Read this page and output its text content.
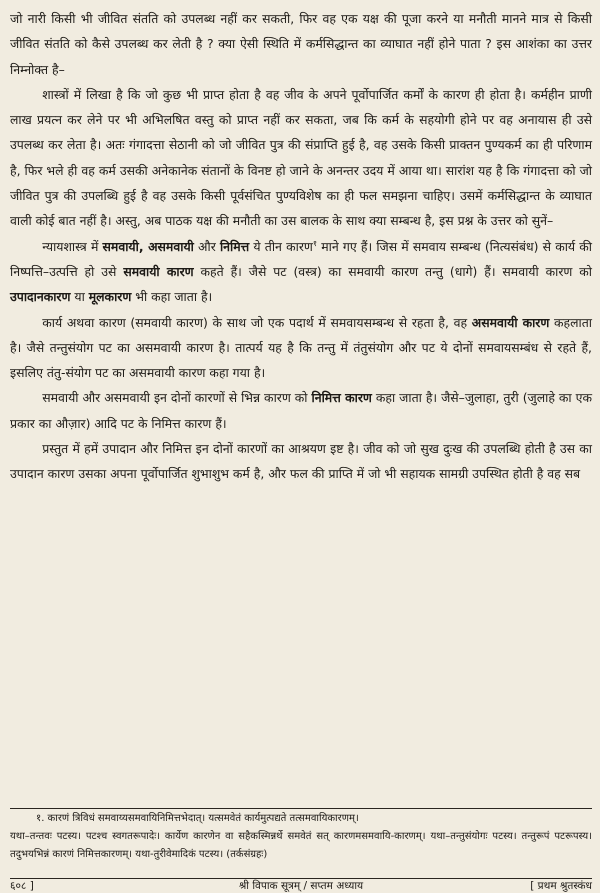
जो नारी किसी भी जीवित संतति को उपलब्ध नहीं कर सकती, फिर वह एक यक्ष की पूजा करने या मनौती मानने मात्र से किसी जीवित संतति को कैसे उपलब्ध कर लेती है ? क्या ऐसी स्थिति में कर्मसिद्धान्त का व्याघात नहीं होने पाता ? इस आशंका का उत्तर निम्नोक्त है–

शास्त्रों में लिखा है कि जो कुछ भी प्राप्त होता है वह जीव के अपने पूर्वोपार्जित कर्मों के कारण ही होता है। कर्महीन प्राणी लाख प्रयत्न कर लेने पर भी अभिलषित वस्तु को प्राप्त नहीं कर सकता, जब कि कर्म के सहयोगी होने पर वह अनायास ही उसे उपलब्ध कर लेता है। अतः गंगादत्ता सेठानी को जो जीवित पुत्र की संप्राप्ति हुई है, वह उसके किसी प्राक्तन पुण्यकर्म का ही परिणाम है, फिर भले ही वह कर्म उसकी अनेकानेक संतानों के विनष्ट हो जाने के अनन्तर उदय में आया था। सारांश यह है कि गंगादत्ता को जो जीवित पुत्र की उपलब्धि हुई है वह उसके किसी पूर्वसंचित पुण्यविशेष का ही फल समझना चाहिए। उसमें कर्मसिद्धान्त के व्याघात वाली कोई बात नहीं है। अस्तु, अब पाठक यक्ष की मनौती का उस बालक के साथ क्या सम्बन्ध है, इस प्रश्न के उत्तर को सुनें–

न्यायशास्त्र में समवायी, असमवायी और निमित्त ये तीन कारण$^१$ माने गए हैं। जिस में समवाय सम्बन्ध (नित्यसंबंध) से कार्य की निष्पत्ति–उत्पत्ति हो उसे समवायी कारण कहते हैं। जैसे पट (वस्त्र) का समवायी कारण तन्तु (धागे) हैं। समवायी कारण को उपादानकारण या मूलकारण भी कहा जाता है।

कार्य अथवा कारण (समवायी कारण) के साथ जो एक पदार्थ में समवायसम्बन्ध से रहता है, वह असमवायी कारण कहलाता है। जैसे तन्तुसंयोग पट का असमवायी कारण है। तात्पर्य यह है कि तन्तु में तंतुसंयोग और पट ये दोनों समवायसम्बंध से रहते हैं, इसलिए तंतु-संयोग पट का असमवायी कारण कहा गया है।

समवायी और असमवायी इन दोनों कारणों से भिन्न कारण को निमित्त कारण कहा जाता है। जैसे–जुलाहा, तुरी (जुलाहे का एक प्रकार का औज़ार) आदि पट के निमित्त कारण हैं।

प्रस्तुत में हमें उपादान और निमित्त इन दोनों कारणों का आश्रयण इष्ट है। जीव को जो सुख दुःख की उपलब्धि होती है उस का उपादान कारण उसका अपना पूर्वोपार्जित शुभाशुभ कर्म है, और फल की प्राप्ति में जो भी सहायक सामग्री उपस्थित होती है वह सब

१. कारणं त्रिविधं समवाय्यसमवायिनिमित्तभेदात्। यत्समवेतं कार्यमुत्पद्यते तत्समवायिकारणम्।

यथा–तन्तवः पटस्य। पटश्च स्वगतरूपादेः। कार्येण कारणेन वा सहैकस्मिन्नर्थे समवेतं सत् कारणमसमवायि-कारणम्। यथा–तन्तुसंयोगः पटस्य। तन्तुरूपं पटरूपस्य। तदुभयभिन्नं कारणं निमित्तकारणम्। यथा-तुरीवेमादिकं पटस्य। (तर्कसंग्रहः)

६०८ ]	श्री विपाक सूत्रम् / सप्तम अध्याय	[ प्रथम श्रुतस्कंध
